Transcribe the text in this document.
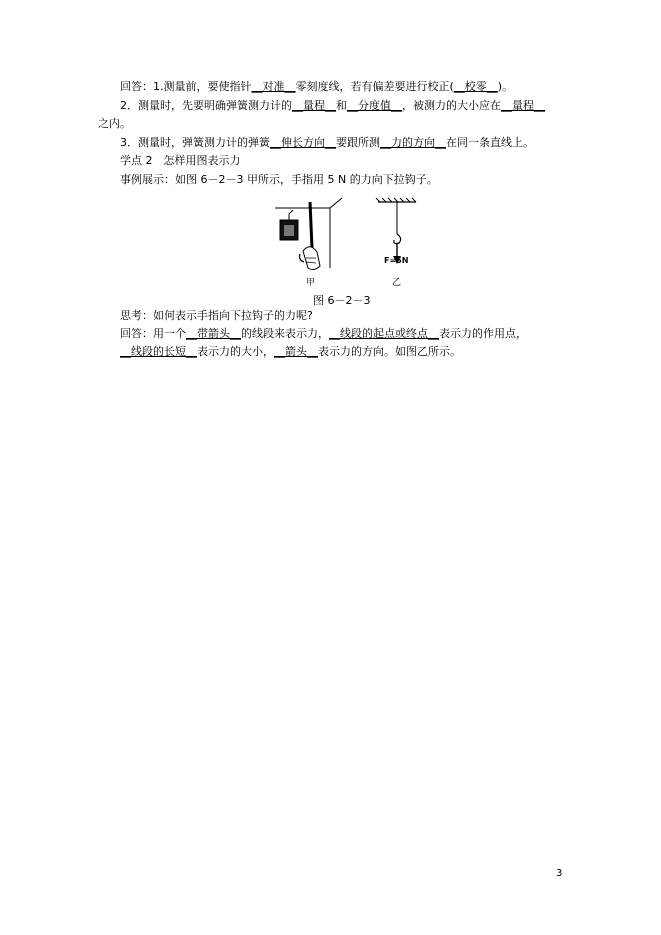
回答：1.测量前，要使指针__对准__零刻度线，若有偏差要进行校正(__校零__)。
2．测量时，先要明确弹簧测力计的__量程__和__分度值__，被测力的大小应在__量程__
之内。
3．测量时，弹簧测力计的弹簧__伸长方向__要跟所测__力的方向__在同一条直线上。
学点 2　怎样用图表示力
事例展示：如图 6－2－3 甲所示，手指用 5 N 的力向下拉钩子。
F=5N
甲	乙
图 6－2－3
思考：如何表示手指向下拉钩子的力呢?
回答：用一个__带箭头__的线段来表示力，__线段的起点或终点__表示力的作用点，
__线段的长短__表示力的大小，__箭头__表示力的方向。如图乙所示。
3
